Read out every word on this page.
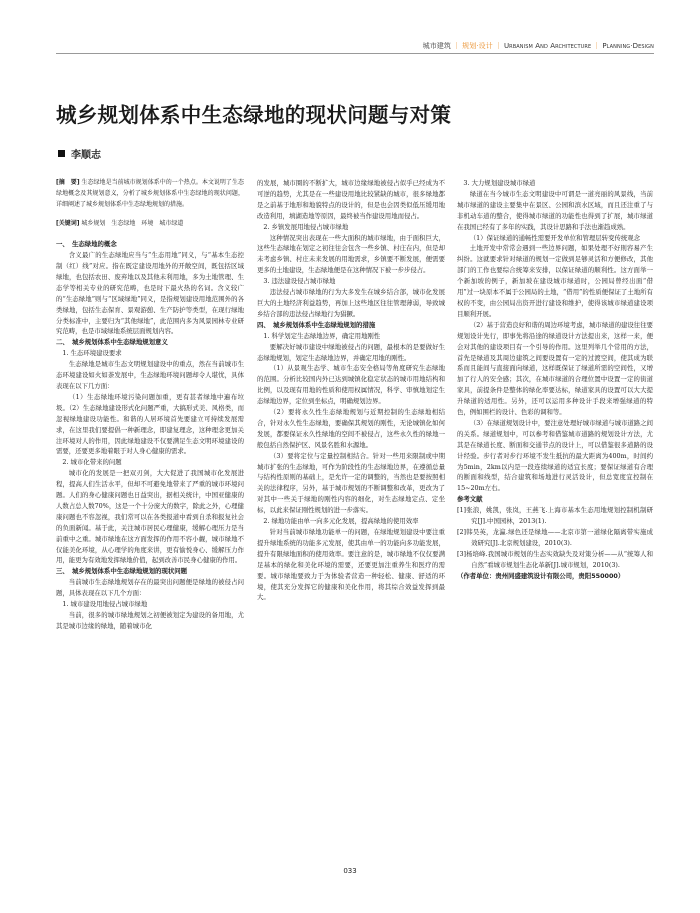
城市建筑 ｜ 规划·设计 ｜ Urbanism And Architecture ｜ Planning·Design
城乡规划体系中生态绿地的现状问题与对策
李顺志

[摘　要] 生态绿地是当前城市规划体系中的一个热点。本文说明了生态绿地概念及其规划意义，分析了城乡规划体系中生态绿地的现状问题，详细阐述了城乡规划体系中生态绿地规划的措施。

[关键词] 城乡规划　生态绿地　环境　城市绿道

一、　生态绿地的概念

含义最广的生态绿地应当与“生态用地”同义，与“基本生态控制（红）线”对应。指在既定建设用地外的开敞空间，既包括区域绿地，也包括农田、废弃地以及其他未利用地，多为土地管理、生态学等相关专业的研究范畴，也是时下最火热的名词。含义较广的“生态绿地”则与“区域绿地”同义，是指规划建设用地范围外的各类绿地，包括生态保育、景观游憩、生产防护等类型，在现行绿地分类标准中，主要归为“其他绿地”，此范围内多为风景园林专业研究范畴，也是市域绿地系统层面规划内容。

二、　城乡规划体系中生态绿地规划意义

1. 生态环境建设要求

生态绿地是城市生态文明规划建设中的重点，然在当前城市生态环境建设如火如荼发展中，生态绿地环境问题却令人堪忧，具体表现在以下几方面：

（1）生态绿地环境污染问题加重，更有甚者绿地中遍布垃圾。（2）生态绿地建设形式化问题严重，大搞形式美、风格类，而忽视绿地建设功能性。和谐的人居环境首先要建立可持续发展需求，在这里我们要提倡一种新理念，即建复理念，这种理念更加关注环境对人的作用，因此绿地建设不仅要满足生态文明环境建设的需要，还要更多地着眼于对人身心健康的需求。

2. 城市化带来的问题

城市化的发展是一把双刃剑，大大促进了我国城市化发展进程，提高人们生活水平，但却不可避免地带来了严重的城市环境问题。人们的身心健康问题也日益突出，据相关统计，中国亚健康的人数占总人数70%，这是一个十分庞大的数字，除此之外，心理健康问题也不容忽视，我们常可以在各类报道中看到自杀和报复社会的负面新闻。基于此，关注城市居民心理健康，缓解心理压力是当前重中之重。城市绿地在这方面发挥的作用不容小觑，城市绿地不仅能美化环境，从心理学的角度来讲，更有愉悦身心、缓解压力作用，能更为有效地发挥绿地价值，起到改善市民身心健康的作用。

三、　城乡规划体系中生态绿地规划的现状问题

当前城市生态绿地规划存在的最突出问题便是绿地的被侵占问题，具体表现在以下几个方面：

1. 城市建设用地侵占城市绿地

当前，很多的城市绿地规划之初便被划定为建设的备用地，尤其是城市边缘的绿地，随着城市化

的发展，城市圈的不断扩大，城市边缘绿地被侵占似乎已经成为不可逆的趋势，尤其是在一些建设用地比较紧缺的城市，很多绿地都是之前基于地形和地貌特点的设计的，但是也会因类似低压缓用地改造利用，填湖造地等原因，最终被当作建设用地而侵占。

2. 乡镇发展用地侵占城市绿地

这种情况突出表现在一些大面积的城市绿地，由于面积巨大，这些生态绿地在划定之初往往会包含一些乡镇、村庄在内，但是却未考虑乡镇、村庄未来发展的用地需求，乡镇要不断发展，便需要更多的土地建设，生态绿地便是在这种情况下被一步步侵占。

3. 违法建设侵占城市绿地

违法侵占城市绿地的行为大多发生在城乡结合部，城市化发展巨大的土地经济利益趋势，再加上这些地区往往管理薄弱，导致城乡结合部的违法侵占绿地行为猖獗。

四、　城乡规划体系中生态绿地规划的措施

1. 科学划定生态绿地边界，确定用地刚性

要解决好城市建设中绿地被侵占的问题，最根本的是要做好生态绿地规划，划定生态绿地边界，并确定用地的刚性。

（1）从景观生态学、城市生态安全格局等角度研究生态绿地的范围。分析比较国内外已达到城镇化稳定状态的城市用地结构和比例，以及现有用地的性质和使用权属情况，科学、审慎地划定生态绿地边界，定位到坐标点，明确规划边界。

（2）要将永久性生态绿地规划与近期控制的生态绿地相结合，针对永久性生态绿地，要确保其规划的刚性，无论城镇化如何发展，都要保证永久性绿地的空间不被侵占，这些永久性的绿地一般包括自然保护区、风景名胜和水源地。

（3）要将定位与定量控制相结合。针对一些用来限制或中期城市扩张的生态绿地，可作为阶段性的生态绿地边界，在遵循总量与结构性原则的基础上，是允许一定的调整的，当然也是要按照相关的法律程序，另外，基于城市规划的不断调整和改革，更改为了对其中一些关于绿地的刚性内容的细化，对生态绿地定点、定坐标，以此来保证刚性规划的进一步落实。

2. 绿地功能由单一向多元化发展，提高绿地的使用效率

针对当前城市绿地功能单一的问题，在绿地规划建设中要注重提升绿地系统的功能多元发展，使其由单一的功能向多功能发展，提升有限绿地面积的使用效率。要注意的是，城市绿地不仅仅要满足基本的绿化和美化环境的需要，还要更加注重养生和医疗的需要。城市绿地要致力于为体验者营造一种轻松、健康、舒适的环境，使其充分发挥它的健康和美化作用，将其综合效益发挥到最大。

3. 大力规划建设城市绿道

绿道在当今城市生态文明建设中可谓是一道亮丽的风景线，当前城市绿道的建设主要集中在景区、公园和滨水区域，而且还注重了与非机动车道的整合，使得城市绿道的功能性也得到了扩展，城市绿道在我国已经有了多年的实践，其设计思路和手法也渐趋成熟。

（1）保证绿道的通畅性需要开发单位和管理层转变传统观念

土地开发中常常会遇到一些边界问题，如果处理不好則容易产生纠纷。这就要求针对绿道的规划一定做到足够灵活和方便修改，其他部门的工作也要综合统筹来安排，以保证绿道的顺利性。这方面举一个新加坡的例子，新加坡在建设城市绿道时，公园局曾经出面“借用”过一块原本不属于公园局的土地，“借用”的性质便保证了土地所有权的不变，由公园局出资开进行建设和维护，使得该城市绿道建设项目顺利开展。

（2）基于营造良好和谐的周边环境考虑，城市绿道的建设往往要规划设计先行，即事先将沿途的绿道设计方法提出来，这样一来，便会对其他的建设项目有一个引导的作用。这里列举几个常用的方法，首先是绿道及其周边建筑之间要设置有一定的过渡空间，使其成为联系而且能间与直接面向绿道，这样既保证了绿道所需的空间性，又增加了行人的安全感；其次，在城市绿道的合理位置中设置一定的街道家具，前提条件是整体的绿化率要达标，绿道家具的设置可以大大提升绿道的适用性。另外，还可以运用多种设计手段来增强绿道的特色，例如围栏的设计、色彩的调和等。

（3）在绿道规划设计中，要注意处理好城市绿道与城市道路之间的关系。绿道规划中，可以参考和借鉴城市道路的规划设计方法，尤其是在绿道长度、断面和交通节点的设计上，可以借鉴很多道路的设计经验。步行者对步行环境不发生抵抗的最大距离为400m，时间约为5min，2km以内是一段连续绿道的适宜长度；要保证绿道有合理的断面和线型，结合建筑和场地进行灵活设计，但总宽度宜控制在15~20m左右。

参考文献

[1]张浪，姚凯，张岚，王燕飞.上海市基本生态用地规划控制机制研究[J].中国园林，2013(1).

[2]韩昊英，龙瀛.绿色还是绿地——北京市第一道绿化隔离带实施成效研究[J].北京规划建设，2010(3).

[3]杨培峰.我国城市规划的生态实效缺失及对策分析——从“统筹人和自然”看城市规划生态化革新[J].城市规划，2010(3).

（作者单位：贵州同盛建筑设计有限公司，贵阳550000）

033
